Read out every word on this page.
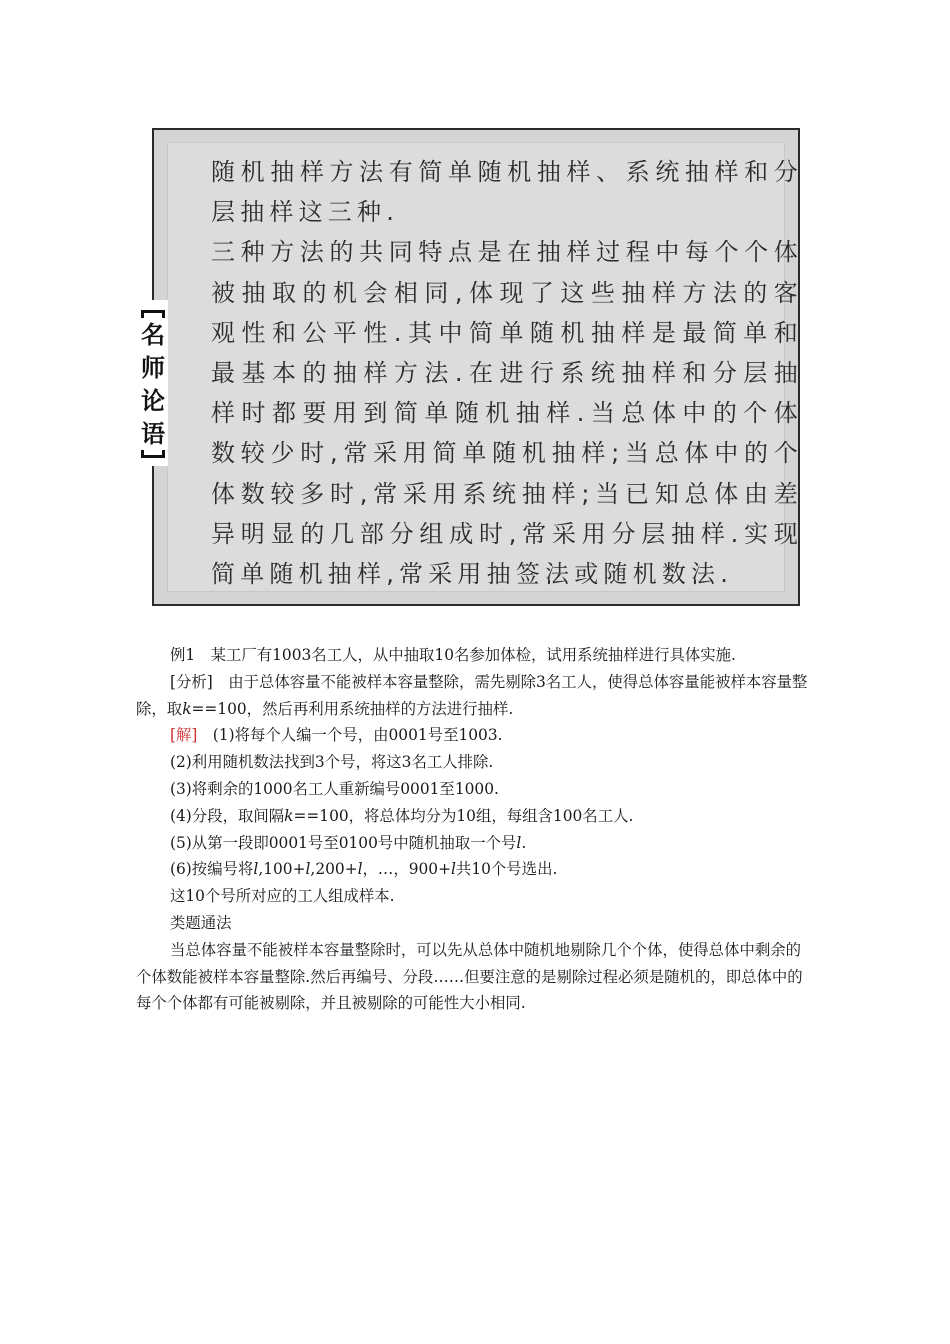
随机抽样方法有简单随机抽样、系统抽样和分层抽样这三种.

三种方法的共同特点是在抽样过程中每个个体被抽取的机会相同,体现了这些抽样方法的客观性和公平性.其中简单随机抽样是最简单和最基本的抽样方法.在进行系统抽样和分层抽样时都要用到简单随机抽样.当总体中的个体数较少时,常采用简单随机抽样;当总体中的个体数较多时,常采用系统抽样;当已知总体由差异明显的几部分组成时,常采用分层抽样.实现简单随机抽样,常采用抽签法或随机数法.

名
师
论
语

例1　某工厂有1003名工人，从中抽取10名参加体检，试用系统抽样进行具体实施.

[分析]　由于总体容量不能被样本容量整除，需先剔除3名工人，使得总体容量能被样本容量整除，取k==100，然后再利用系统抽样的方法进行抽样.

[解]　(1)将每个人编一个号，由0001号至1003.

(2)利用随机数法找到3个号，将这3名工人排除.

(3)将剩余的1000名工人重新编号0001至1000.

(4)分段，取间隔k==100，将总体均分为10组，每组含100名工人.

(5)从第一段即0001号至0100号中随机抽取一个号l.

(6)按编号将l,100+l,200+l，…，900+l共10个号选出.

这10个号所对应的工人组成样本.

类题通法

当总体容量不能被样本容量整除时，可以先从总体中随机地剔除几个个体，使得总体中剩余的个体数能被样本容量整除.然后再编号、分段……但要注意的是剔除过程必须是随机的，即总体中的每个个体都有可能被剔除，并且被剔除的可能性大小相同.
